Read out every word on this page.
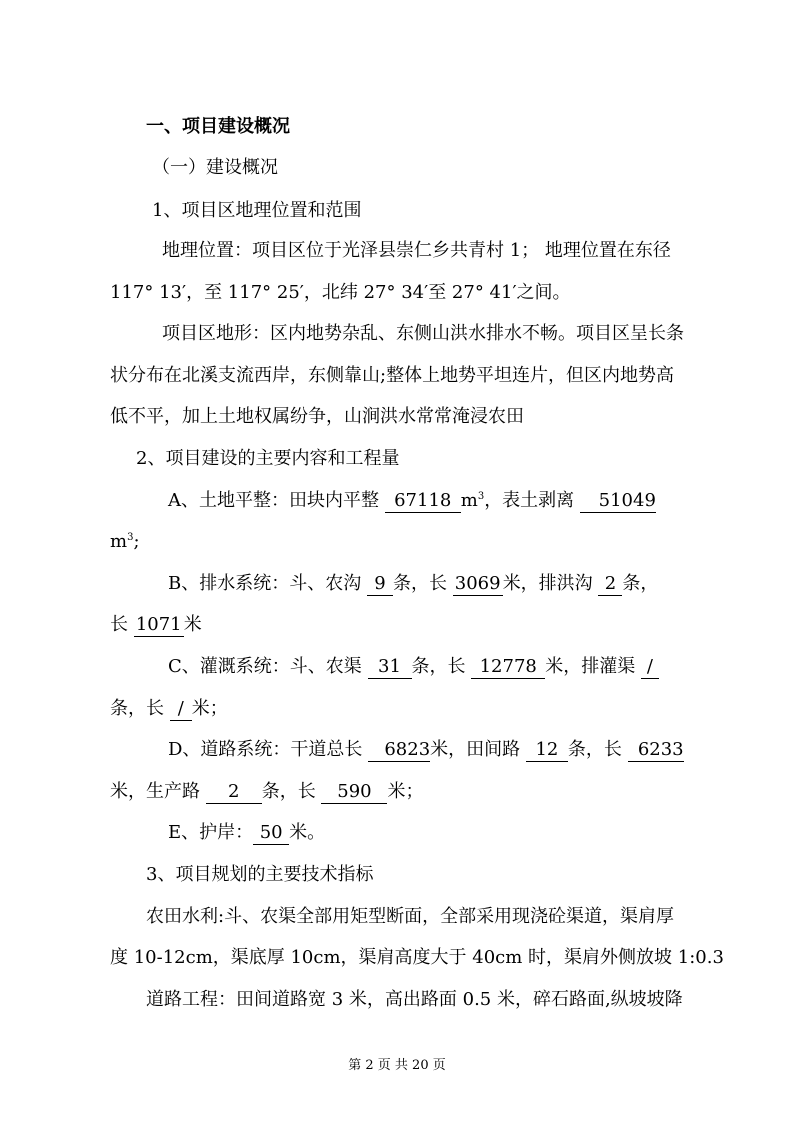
一、项目建设概况
（一）建设概况
1、项目区地理位置和范围
地理位置：项目区位于光泽县崇仁乡共青村 1； 地理位置在东径
117° 13′，至 117° 25′，北纬 27° 34′至 27° 41′之间。
项目区地形：区内地势杂乱、东侧山洪水排水不畅。项目区呈长条
状分布在北溪支流西岸，东侧靠山;整体上地势平坦连片，但区内地势高
低不平，加上土地权属纷争，山涧洪水常常淹浸农田
2、项目建设的主要内容和工程量
A、土地平整：田块内平整 67118 $m^3$，表土剥离 51049
$m^3$;
B、排水系统：斗、农沟 9 条，长 3069 米，排洪沟 2 条，
长 1071 米
C、灌溉系统：斗、农渠 31 条，长 12778 米，排灌渠 /
条，长 / 米；
D、道路系统：干道总长 6823米，田间路 12 条，长 6233
米，生产路 2 条，长 590 米；
E、护岸： 50 米。
3、项目规划的主要技术指标
农田水利:斗、农渠全部用矩型断面，全部采用现浇砼渠道，渠肩厚
度 10-12cm，渠底厚 10cm，渠肩高度大于 40cm 时，渠肩外侧放坡 1:0.3
道路工程：田间道路宽 3 米，高出路面 0.5 米，碎石路面,纵坡坡降
第 2 页 共 20 页
